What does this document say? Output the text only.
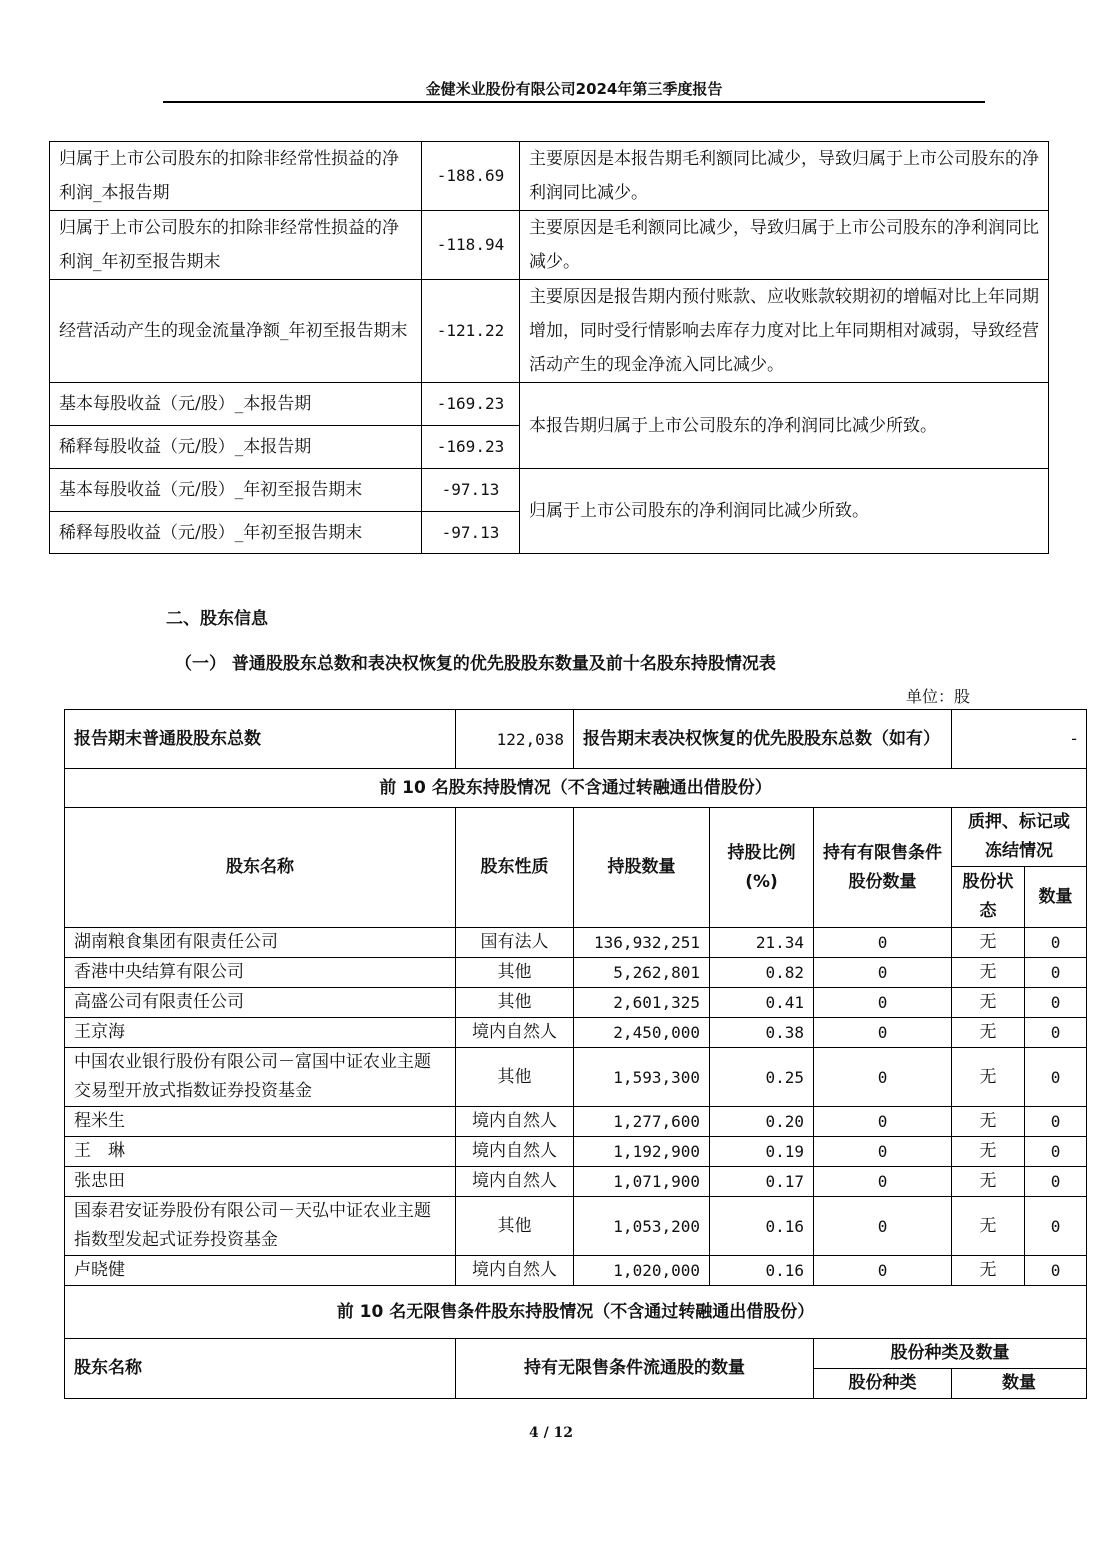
金健米业股份有限公司2024年第三季度报告
归属于上市公司股东的扣除非经常性损益的净利润_本报告期	-188.69	主要原因是本报告期毛利额同比减少，导致归属于上市公司股东的净利润同比减少。
归属于上市公司股东的扣除非经常性损益的净利润_年初至报告期末	-118.94	主要原因是毛利额同比减少，导致归属于上市公司股东的净利润同比减少。
经营活动产生的现金流量净额_年初至报告期末	-121.22	主要原因是报告期内预付账款、应收账款较期初的增幅对比上年同期增加，同时受行情影响去库存力度对比上年同期相对减弱，导致经营活动产生的现金净流入同比减少。
基本每股收益（元/股）_本报告期	-169.23	本报告期归属于上市公司股东的净利润同比减少所致。
稀释每股收益（元/股）_本报告期	-169.23	
基本每股收益（元/股）_年初至报告期末	-97.13	归属于上市公司股东的净利润同比减少所致。
稀释每股收益（元/股）_年初至报告期末	-97.13	
二、股东信息
（一） 普通股股东总数和表决权恢复的优先股股东数量及前十名股东持股情况表
单位：股
报告期末普通股股东总数	122,038	报告期末表决权恢复的优先股股东总数（如有）			-	
前 10 名股东持股情况（不含通过转融通出借股份）						
股东名称	股东性质	持股数量	持股比例(%)	持有有限售条件股份数量	质押、标记或冻结情况	
					股份状态	数量
湖南粮食集团有限责任公司	国有法人	136,932,251	21.34	0	无	0
香港中央结算有限公司	其他	5,262,801	0.82	0	无	0
高盛公司有限责任公司	其他	2,601,325	0.41	0	无	0
王京海	境内自然人	2,450,000	0.38	0	无	0
中国农业银行股份有限公司－富国中证农业主题交易型开放式指数证券投资基金	其他	1,593,300	0.25	0	无	0
程米生	境内自然人	1,277,600	0.20	0	无	0
王　琳	境内自然人	1,192,900	0.19	0	无	0
张忠田	境内自然人	1,071,900	0.17	0	无	0
国泰君安证券股份有限公司－天弘中证农业主题指数型发起式证券投资基金	其他	1,053,200	0.16	0	无	0
卢晓健	境内自然人	1,020,000	0.16	0	无	0
前 10 名无限售条件股东持股情况（不含通过转融通出借股份）						
股东名称	持有无限售条件流通股的数量			股份种类及数量		
				股份种类	数量	
4 / 12
